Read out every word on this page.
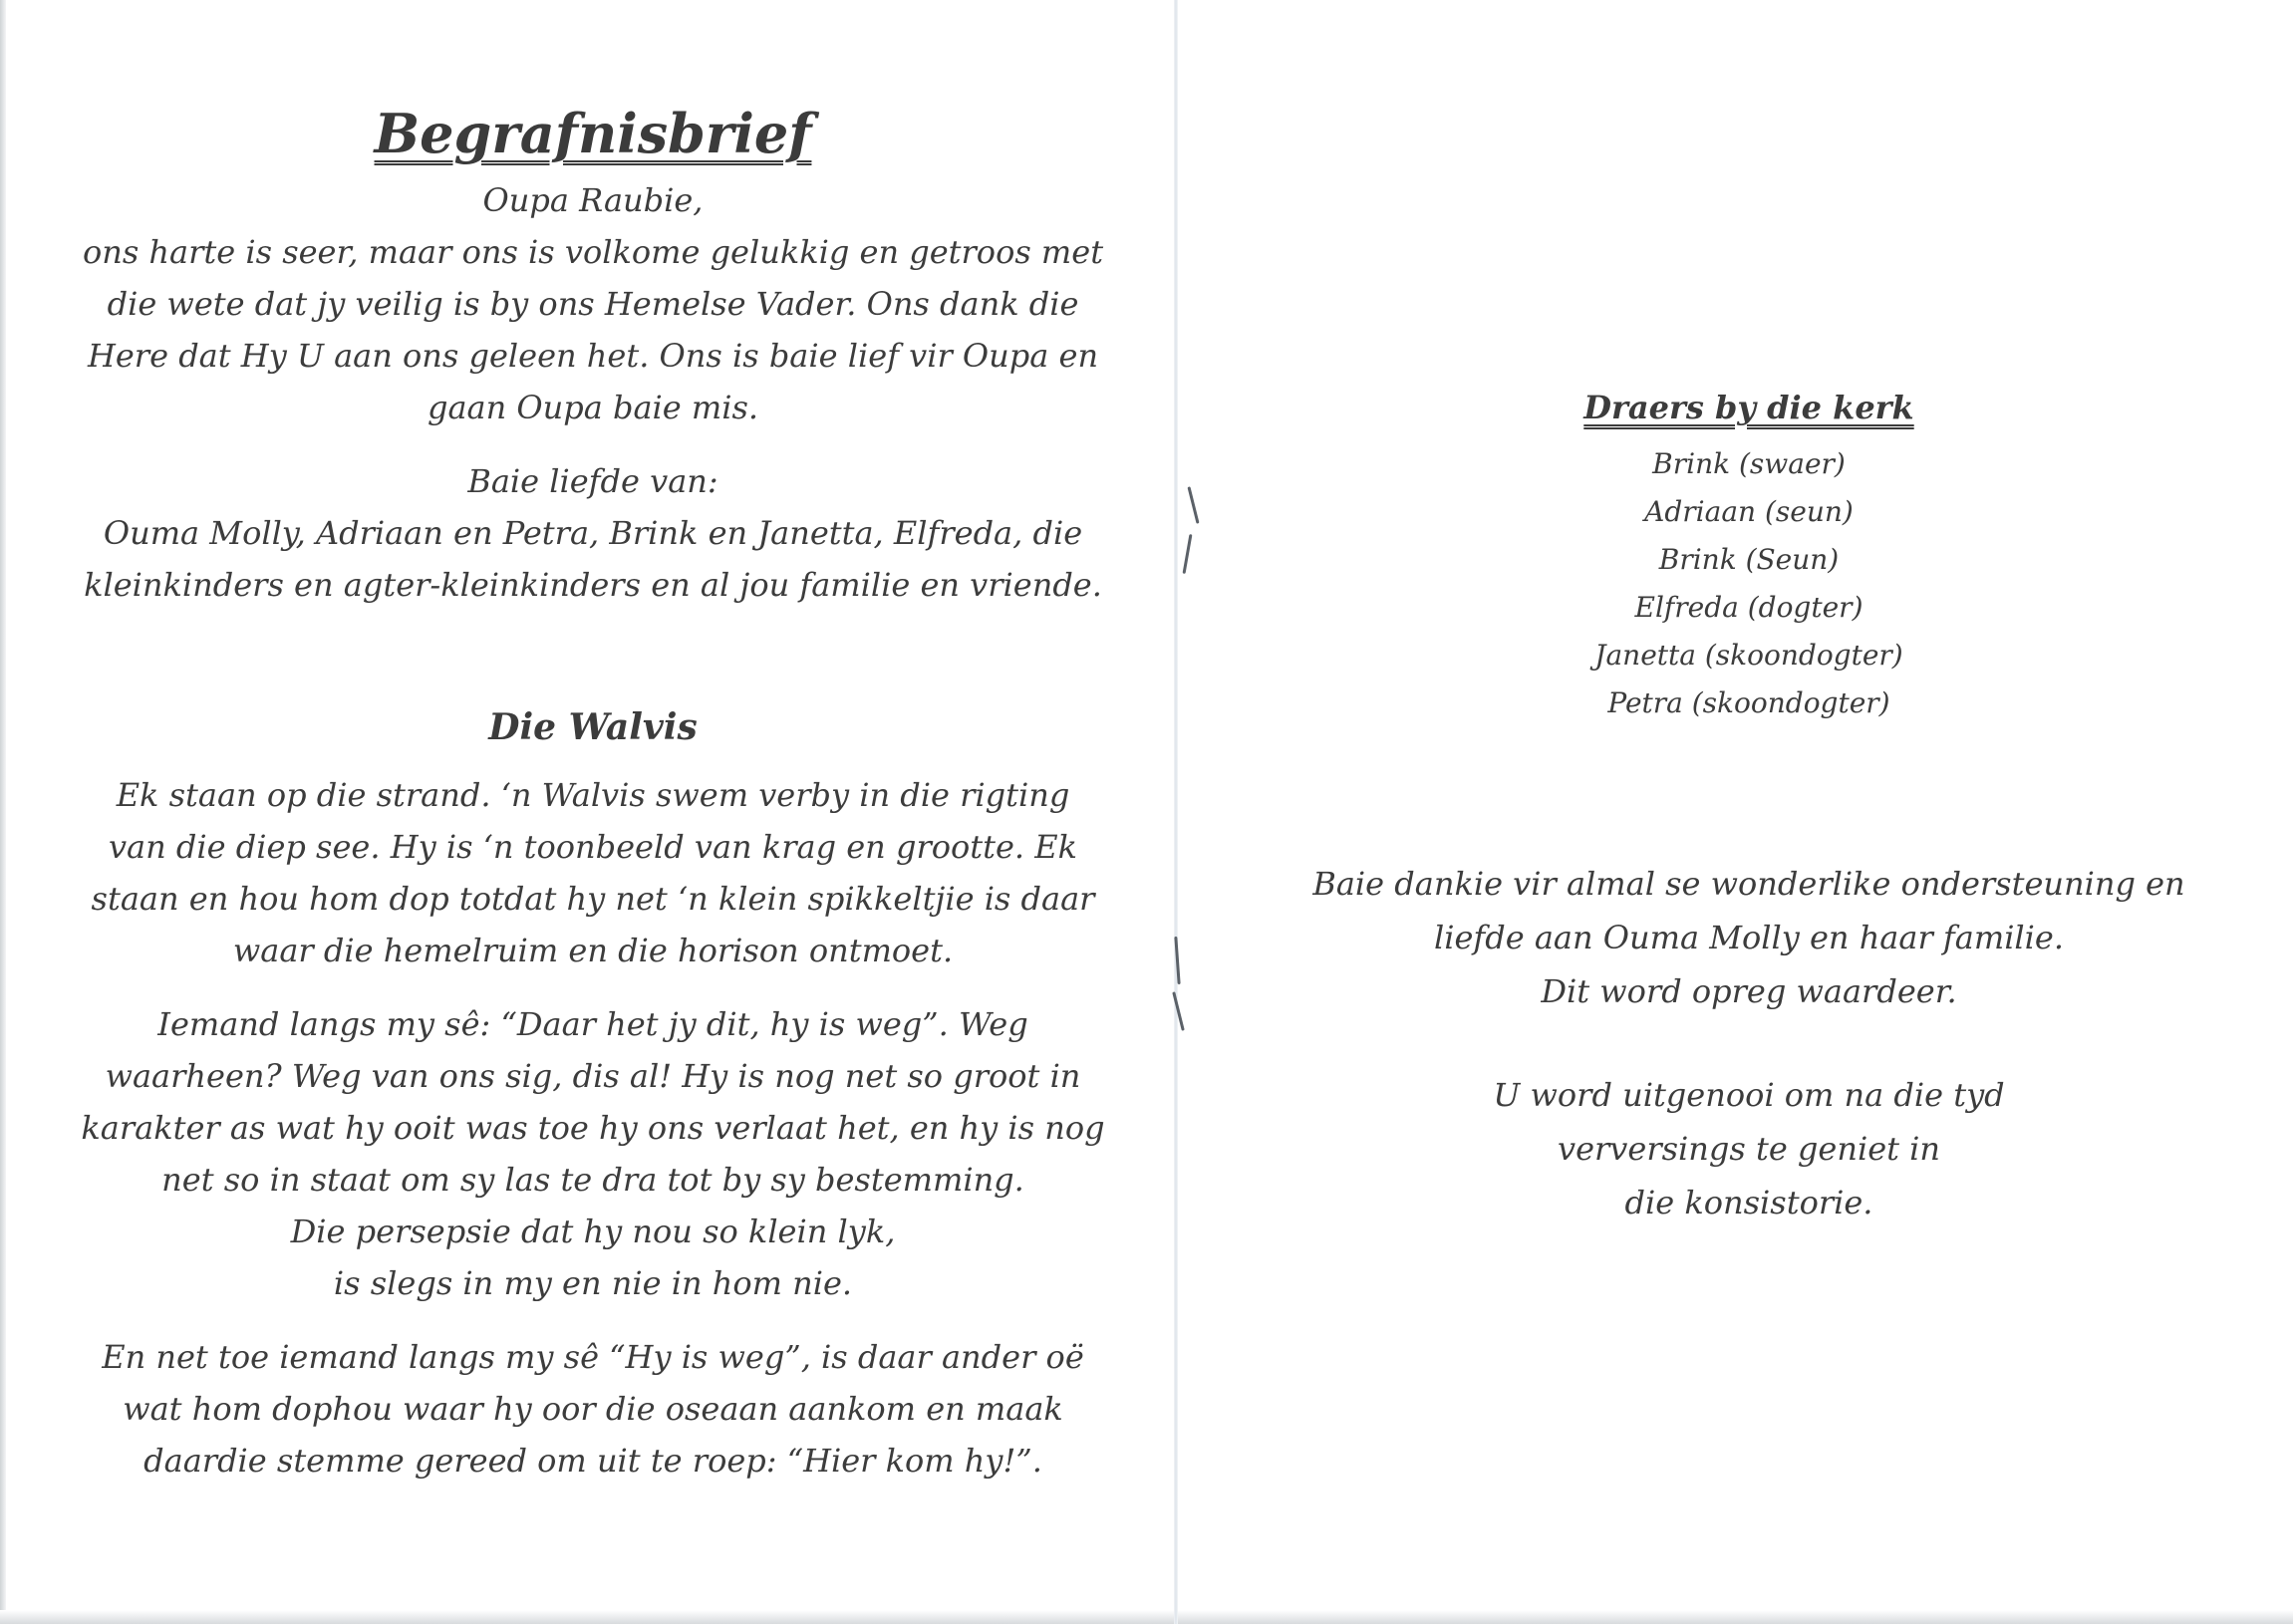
Begrafnisbrief
Oupa Raubie,
ons harte is seer, maar ons is volkome gelukkig en getroos met
die wete dat jy veilig is by ons Hemelse Vader. Ons dank die
Here dat Hy U aan ons geleen het. Ons is baie lief vir Oupa en
gaan Oupa baie mis.
Baie liefde van:
Ouma Molly, Adriaan en Petra, Brink en Janetta, Elfreda, die
kleinkinders en agter-kleinkinders en al jou familie en vriende.
Die Walvis
Ek staan op die strand. ‘n Walvis swem verby in die rigting
van die diep see. Hy is ‘n toonbeeld van krag en grootte. Ek
staan en hou hom dop totdat hy net ‘n klein spikkeltjie is daar
waar die hemelruim en die horison ontmoet.
Iemand langs my sê: “Daar het jy dit, hy is weg”. Weg
waarheen? Weg van ons sig, dis al! Hy is nog net so groot in
karakter as wat hy ooit was toe hy ons verlaat het, en hy is nog
net so in staat om sy las te dra tot by sy bestemming.
Die persepsie dat hy nou so klein lyk,
is slegs in my en nie in hom nie.
En net toe iemand langs my sê “Hy is weg”, is daar ander oë
wat hom dophou waar hy oor die oseaan aankom en maak
daardie stemme gereed om uit te roep: “Hier kom hy!”.
Draers by die kerk
Brink (swaer)
Adriaan (seun)
Brink (Seun)
Elfreda (dogter)
Janetta (skoondogter)
Petra (skoondogter)
Baie dankie vir almal se wonderlike ondersteuning en
liefde aan Ouma Molly en haar familie.
Dit word opreg waardeer.
U word uitgenooi om na die tyd
verversings te geniet in
die konsistorie.
